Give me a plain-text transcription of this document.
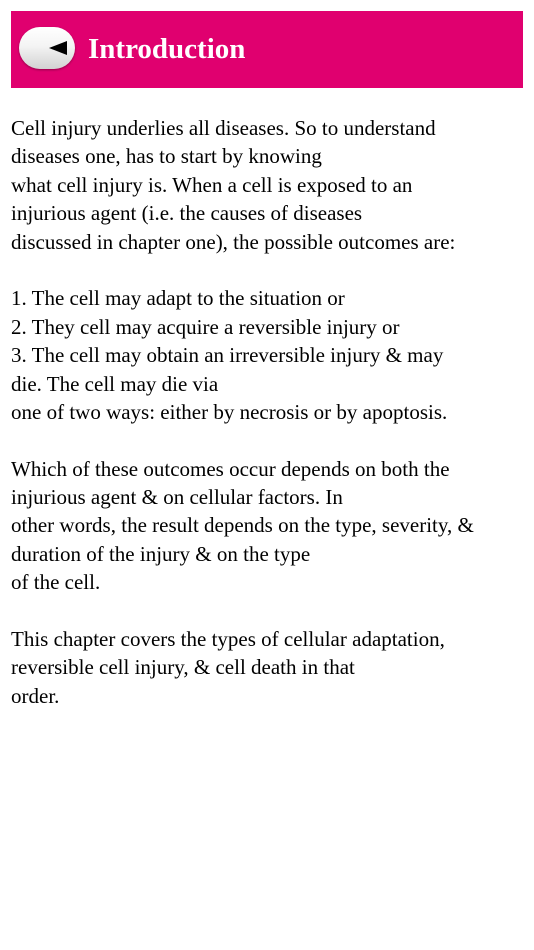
Introduction
Cell injury underlies all diseases. So to understand
diseases one, has to start by knowing
what cell injury is. When a cell is exposed to an
injurious agent (i.e. the causes of diseases
discussed in chapter one), the possible outcomes are:
1. The cell may adapt to the situation or
2. They cell may acquire a reversible injury or
3. The cell may obtain an irreversible injury & may
die. The cell may die via
one of two ways: either by necrosis or by apoptosis.
Which of these outcomes occur depends on both the
injurious agent & on cellular factors. In
other words, the result depends on the type, severity, &
duration of the injury & on the type
of the cell.
This chapter covers the types of cellular adaptation,
reversible cell injury, & cell death in that
order.
